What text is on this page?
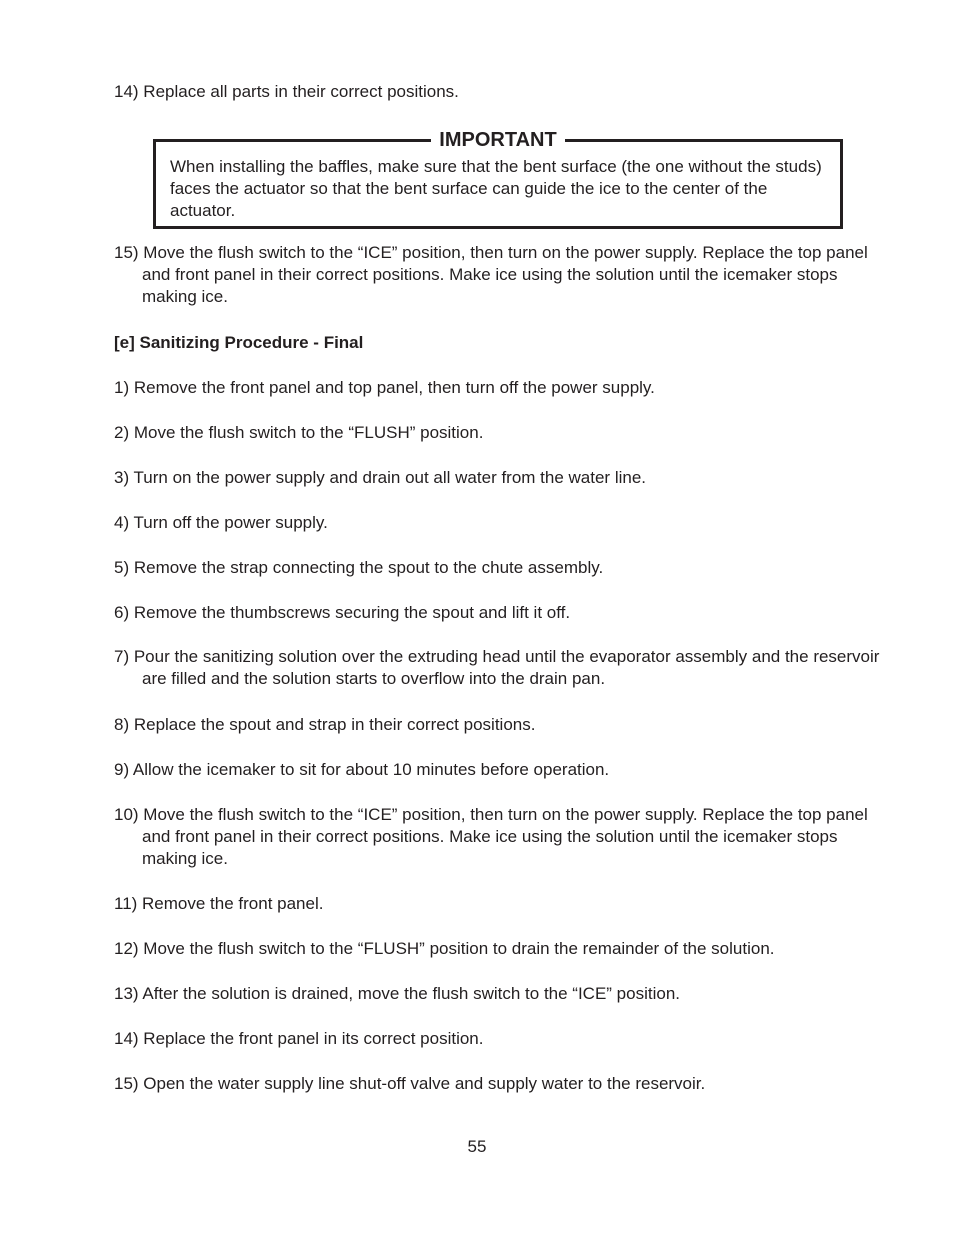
14) Replace all parts in their correct positions.

IMPORTANT
When installing the baffles, make sure that the bent surface (the one without the studs) faces the actuator so that the bent surface can guide the ice to the center of the actuator.

15) Move the flush switch to the “ICE” position, then turn on the power supply. Replace the top panel and front panel in their correct positions. Make ice using the solution until the icemaker stops making ice.

[e] Sanitizing Procedure - Final

1) Remove the front panel and top panel, then turn off the power supply.

2) Move the flush switch to the “FLUSH” position.

3) Turn on the power supply and drain out all water from the water line.

4) Turn off the power supply.

5) Remove the strap connecting the spout to the chute assembly.

6) Remove the thumbscrews securing the spout and lift it off.

7) Pour the sanitizing solution over the extruding head until the evaporator assembly and the reservoir are filled and the solution starts to overflow into the drain pan.

8) Replace the spout and strap in their correct positions.

9) Allow the icemaker to sit for about 10 minutes before operation.

10) Move the flush switch to the “ICE” position, then turn on the power supply. Replace the top panel and front panel in their correct positions. Make ice using the solution until the icemaker stops making ice.

11) Remove the front panel.

12) Move the flush switch to the “FLUSH” position to drain the remainder of the solution.

13) After the solution is drained, move the flush switch to the “ICE” position.

14) Replace the front panel in its correct position.

15) Open the water supply line shut-off valve and supply water to the reservoir.

55
